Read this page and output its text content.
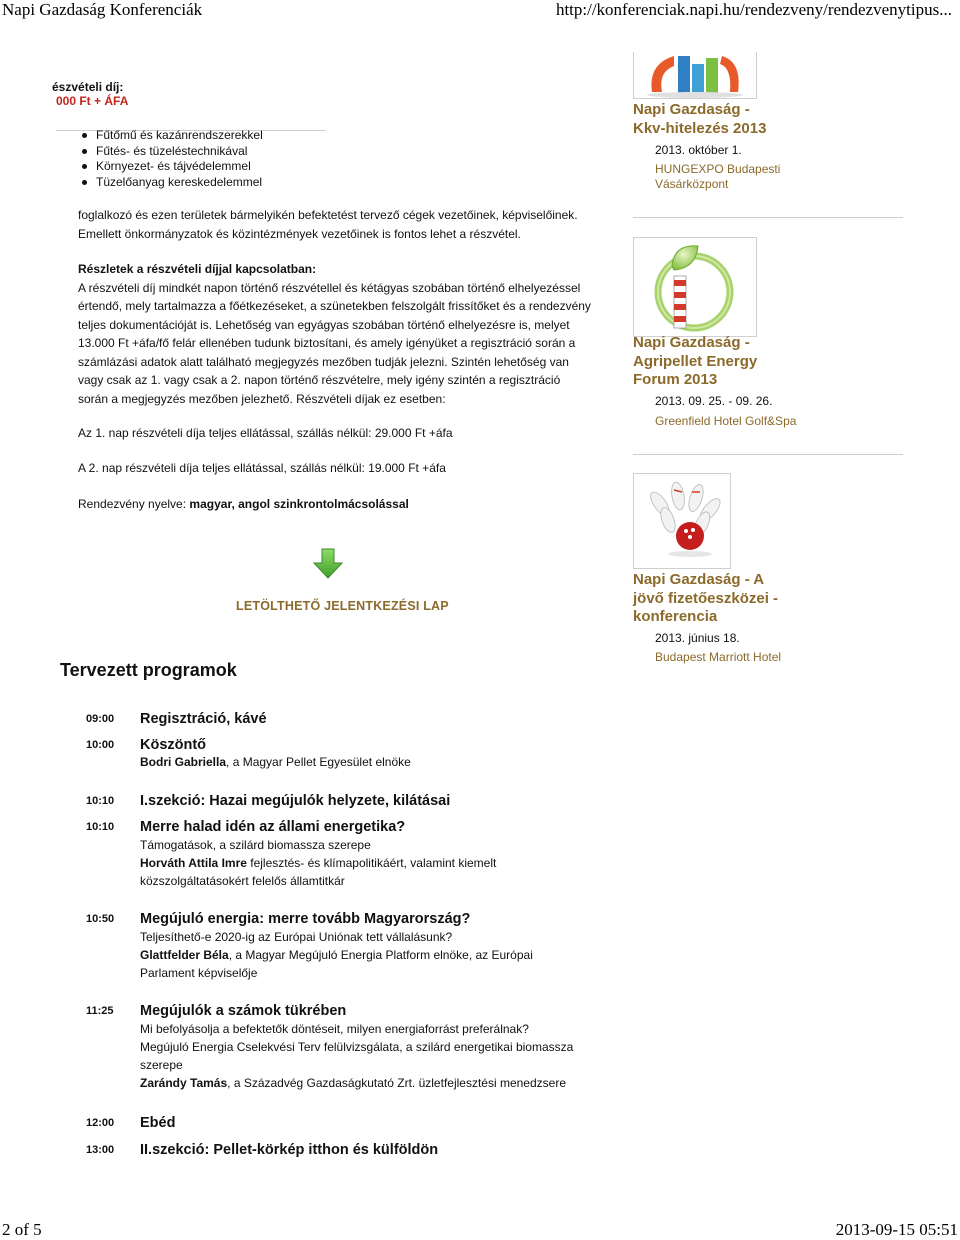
Napi Gazdaság Konferenciák	http://konferenciak.napi.hu/rendezveny/rendezvenytipus...
észvételi díj:
000 Ft + ÁFA
Fűtőmű és kazánrendszerekkel
Fűtés- és tüzeléstechnikával
Környezet- és tájvédelemmel
Tüzelőanyag kereskedelemmel
foglalkozó és ezen területek bármelyikén befektetést tervező cégek vezetőinek, képviselőinek.
Emellett önkormányzatok és közintézmények vezetőinek is fontos lehet a részvétel.
Részletek a részvételi díjjal kapcsolatban:
A részvételi díj mindkét napon történő részvétellel és kétágyas szobában történő elhelyezéssel
értendő, mely tartalmazza a főétkezéseket, a szünetekben felszolgált frissítőket és a rendezvény
teljes dokumentációját is. Lehetőség van egyágyas szobában történő elhelyezésre is, melyet
13.000 Ft +áfa/fő felár ellenében tudunk biztosítani, és amely igényüket a regisztráció során a
számlázási adatok alatt található megjegyzés mezőben tudják jelezni. Szintén lehetőség van
vagy csak az 1. vagy csak a 2. napon történő részvételre, mely igény szintén a regisztráció
során a megjegyzés mezőben jelezhető. Részvételi díjak ez esetben:
Az 1. nap részvételi díja teljes ellátással, szállás nélkül: 29.000 Ft +áfa
A 2. nap részvételi díja teljes ellátással, szállás nélkül: 19.000 Ft +áfa
Rendezvény nyelve: magyar, angol szinkrontolmácsolással
LETÖLTHETŐ JELENTKEZÉSI LAP
Tervezett programok
09:00	Regisztráció, kávé
10:00	Köszöntő
Bodri Gabriella, a Magyar Pellet Egyesület elnöke
10:10	I.szekció: Hazai megújulók helyzete, kilátásai
10:10	Merre halad idén az állami energetika?
Támogatások, a szilárd biomassza szerepe
Horváth Attila Imre fejlesztés- és klímapolitikáért, valamint kiemelt
közszolgáltatásokért felelős államtitkár
10:50	Megújuló energia: merre tovább Magyarország?
Teljesíthető-e 2020-ig az Európai Uniónak tett vállalásunk?
Glattfelder Béla, a Magyar Megújuló Energia Platform elnöke, az Európai
Parlament képviselője
11:25	Megújulók a számok tükrében
Mi befolyásolja a befektetők döntéseit, milyen energiaforrást preferálnak?
Megújuló Energia Cselekvési Terv felülvizsgálata, a szilárd energetikai biomassza
szerepe
Zarándy Tamás, a Századvég Gazdaságkutató Zrt. üzletfejlesztési menedzsere
12:00	Ebéd
13:00	II.szekció: Pellet-körkép itthon és külföldön
Napi Gazdaság -
Kkv-hitelezés 2013
2013. október 1.
HUNGEXPO Budapesti
Vásárközpont
Napi Gazdaság -
Agripellet Energy
Forum 2013
2013. 09. 25. - 09. 26.
Greenfield Hotel Golf&Spa
Napi Gazdaság - A
jövő fizetőeszközei -
konferencia
2013. június 18.
Budapest Marriott Hotel
2 of 5	2013-09-15 05:51
